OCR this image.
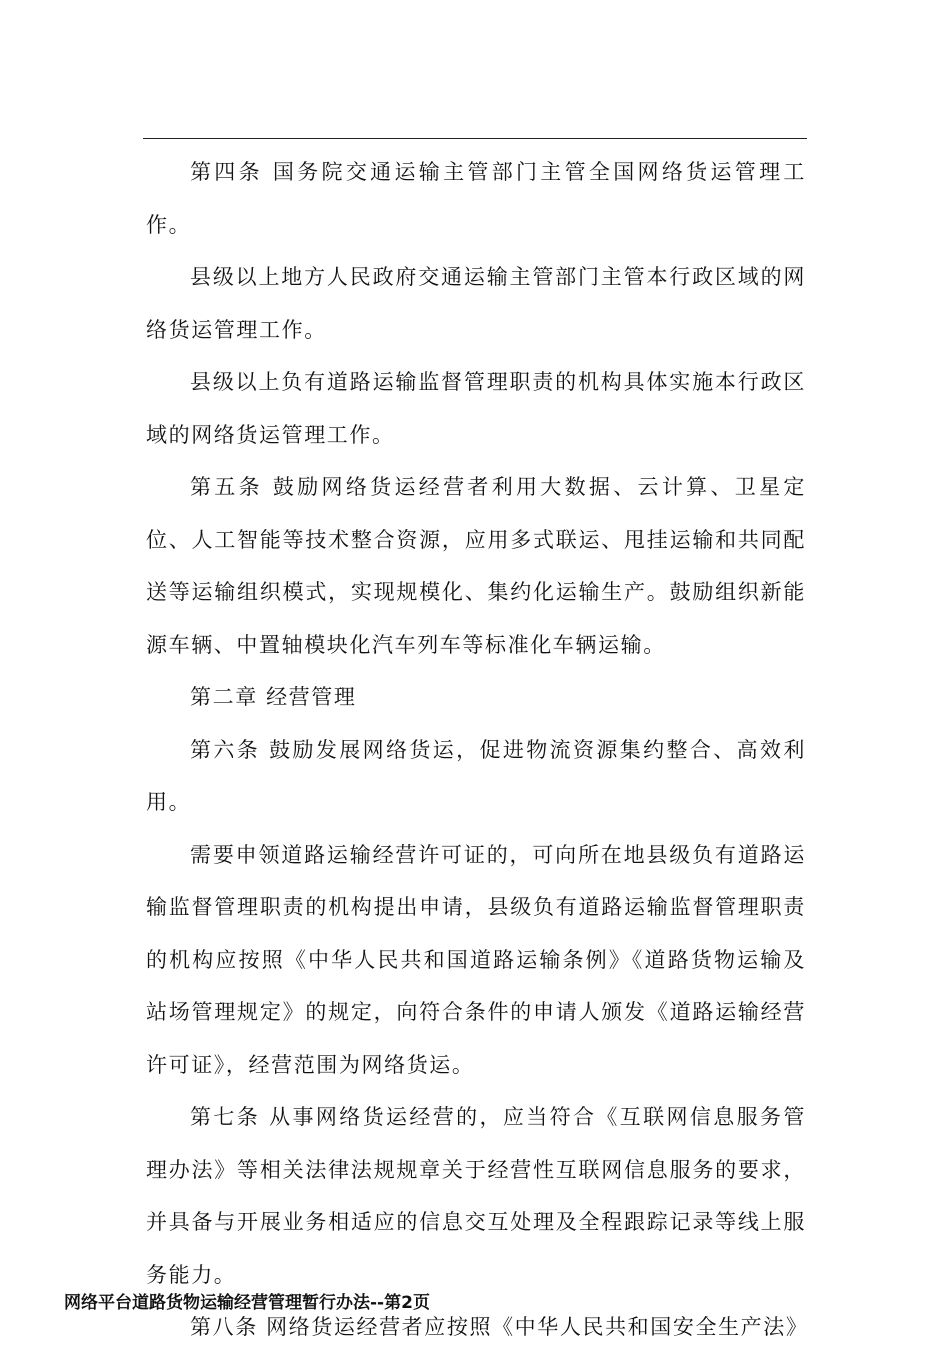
第四条 国务院交通运输主管部门主管全国网络货运管理工作。

县级以上地方人民政府交通运输主管部门主管本行政区域的网络货运管理工作。

县级以上负有道路运输监督管理职责的机构具体实施本行政区域的网络货运管理工作。

第五条 鼓励网络货运经营者利用大数据、云计算、卫星定位、人工智能等技术整合资源，应用多式联运、甩挂运输和共同配送等运输组织模式，实现规模化、集约化运输生产。鼓励组织新能源车辆、中置轴模块化汽车列车等标准化车辆运输。

第二章 经营管理

第六条 鼓励发展网络货运，促进物流资源集约整合、高效利用。

需要申领道路运输经营许可证的，可向所在地县级负有道路运输监督管理职责的机构提出申请，县级负有道路运输监督管理职责的机构应按照《中华人民共和国道路运输条例》《道路货物运输及站场管理规定》的规定，向符合条件的申请人颁发《道路运输经营许可证》，经营范围为网络货运。

第七条 从事网络货运经营的，应当符合《互联网信息服务管理办法》等相关法律法规规章关于经营性互联网信息服务的要求，并具备与开展业务相适应的信息交互处理及全程跟踪记录等线上服务能力。

第八条 网络货运经营者应按照《中华人民共和国安全生产法》

网络平台道路货物运输经营管理暂行办法--第2页
